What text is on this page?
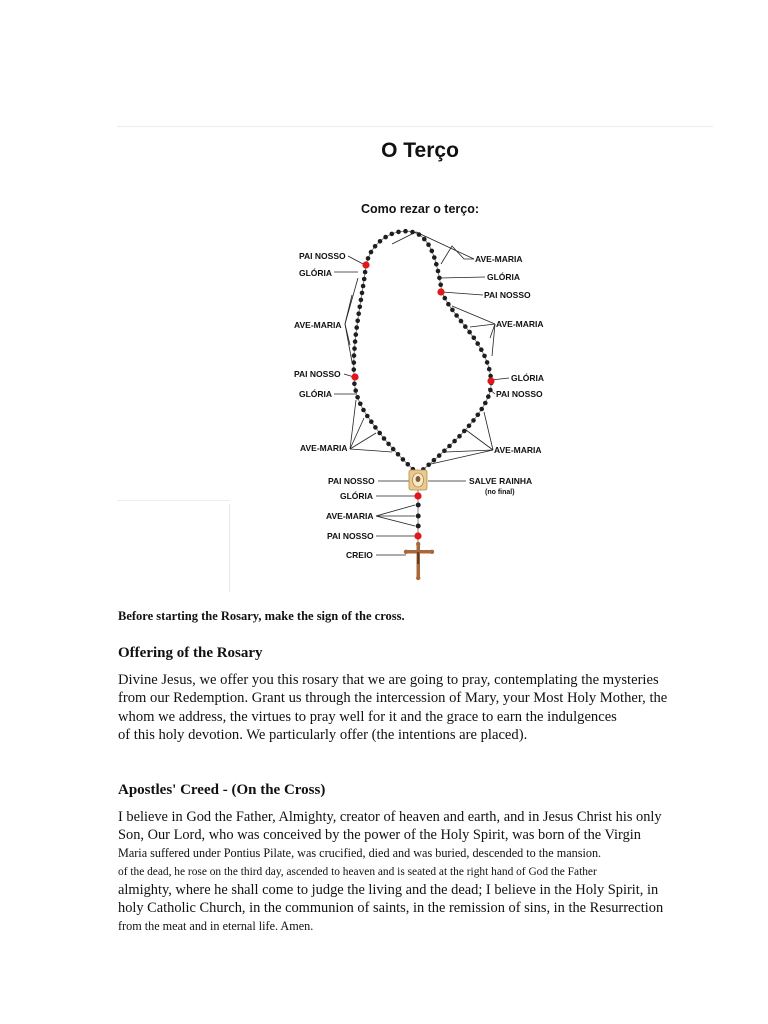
O Terço
Como rezar o terço:
PAI NOSSO
GLÓRIA
AVE-MARIA
PAI NOSSO
GLÓRIA
AVE-MARIA
AVE-MARIA
GLÓRIA
PAI NOSSO
AVE-MARIA
GLÓRIA
PAI NOSSO
AVE-MARIA
PAI NOSSO
GLÓRIA
AVE-MARIA
PAI NOSSO
CREIO
SALVE RAINHA
(no final)
Before starting the Rosary, make the sign of the cross.
Offering of the Rosary
Divine Jesus, we offer you this rosary that we are going to pray, contemplating the mysteries
from our Redemption. Grant us through the intercession of Mary, your Most Holy Mother, the
whom we address, the virtues to pray well for it and the grace to earn the indulgences
of this holy devotion. We particularly offer (the intentions are placed).
Apostles' Creed - (On the Cross)
I believe in God the Father, Almighty, creator of heaven and earth, and in Jesus Christ his only
Son, Our Lord, who was conceived by the power of the Holy Spirit, was born of the Virgin
Maria suffered under Pontius Pilate, was crucified, died and was buried, descended to the mansion.
of the dead, he rose on the third day, ascended to heaven and is seated at the right hand of God the Father
almighty, where he shall come to judge the living and the dead; I believe in the Holy Spirit, in
holy Catholic Church, in the communion of saints, in the remission of sins, in the Resurrection
from the meat and in eternal life. Amen.
